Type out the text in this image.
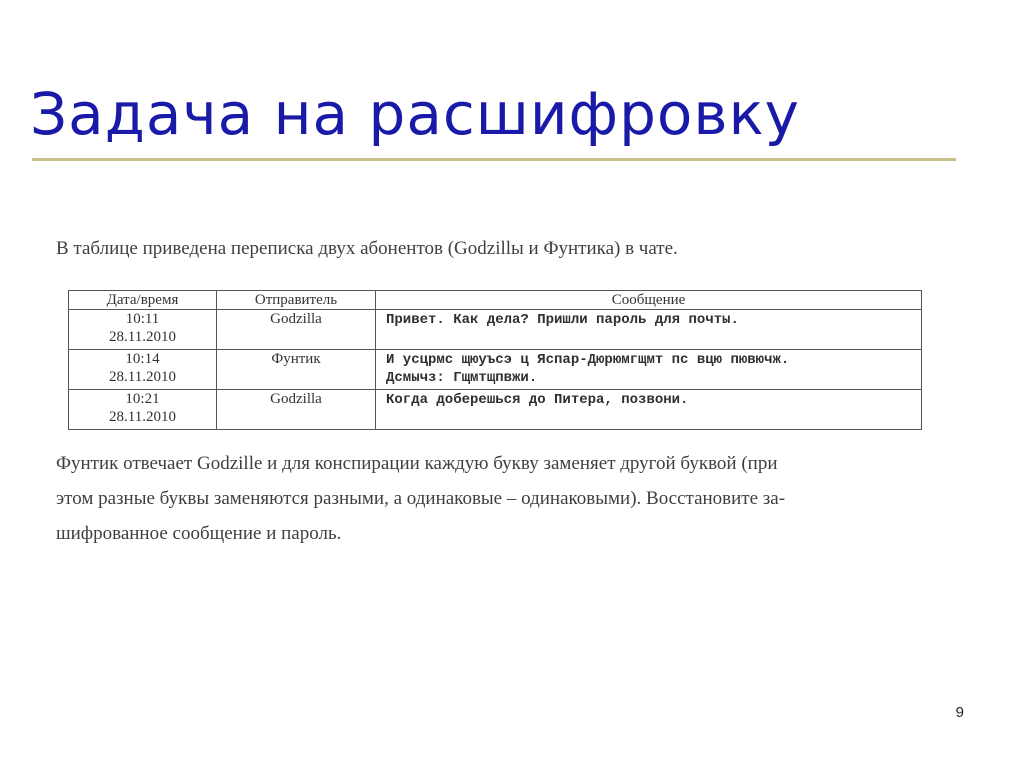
Задача на расшифровку

В таблице приведена переписка двух абонентов (Godzillы и Фунтика) в чате.

Дата/время	Отправитель	Сообщение

10:11
28.11.2010	Godzilla	Привет. Как дела? Пришли пароль для почты.

10:14
28.11.2010	Фунтик	И усцрмс щюуъсэ ц Яспар-Дюрюмгщмт пс вцю пювючж.
Дсмычз: Гщмтщпвжи.

10:21
28.11.2010	Godzilla	Когда доберешься до Питера, позвони.
Фунтик отвечает Godzille и для конспирации каждую букву заменяет другой буквой (при
этом разные буквы заменяются разными, а одинаковые – одинаковыми). Восстановите за-
шифрованное сообщение и пароль.
9
